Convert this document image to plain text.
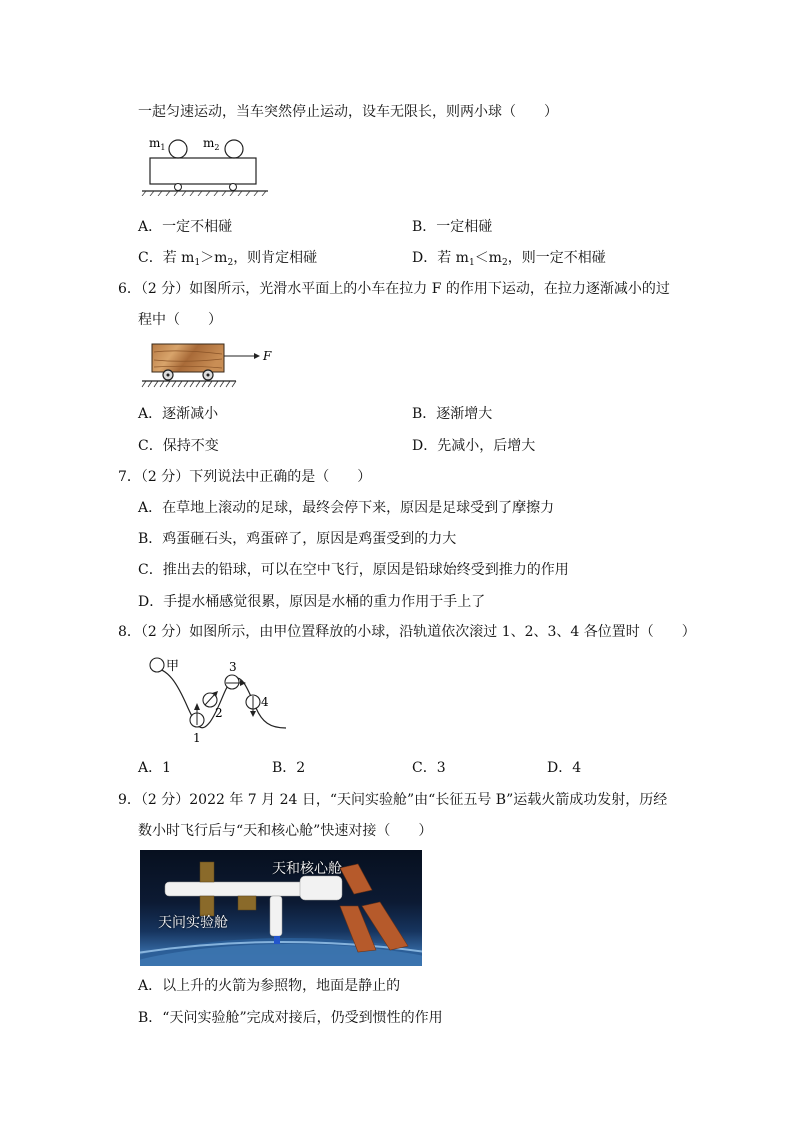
一起匀速运动，当车突然停止运动，设车无限长，则两小球（　　）
$m_1$	$m_2$
A．一定不相碰	B．一定相碰
C．若 $m_1>m_2$，则肯定相碰	D．若 $m_1<m_2$，则一定不相碰
6．（2 分）如图所示，光滑水平面上的小车在拉力 F 的作用下运动，在拉力逐渐减小的过
程中（　　）
F
A．逐渐减小	B．逐渐增大
C．保持不变	D．先减小，后增大
7．（2 分）下列说法中正确的是（　　）
A．在草地上滚动的足球，最终会停下来，原因是足球受到了摩擦力
B．鸡蛋砸石头，鸡蛋碎了，原因是鸡蛋受到的力大
C．推出去的铅球，可以在空中飞行，原因是铅球始终受到推力的作用
D．手提水桶感觉很累，原因是水桶的重力作用于手上了
8．（2 分）如图所示，由甲位置释放的小球，沿轨道依次滚过 1、2、3、4 各位置时（　　）
甲
1
2
3
4
A．1	B．2	C．3	D．4
9．（2 分）2022 年 7 月 24 日，“天问实验舱”由“长征五号 B”运载火箭成功发射，历经
数小时飞行后与“天和核心舱”快速对接（　　）
天和核心舱
天问实验舱
A．以上升的火箭为参照物，地面是静止的
B．“天问实验舱”完成对接后，仍受到惯性的作用
